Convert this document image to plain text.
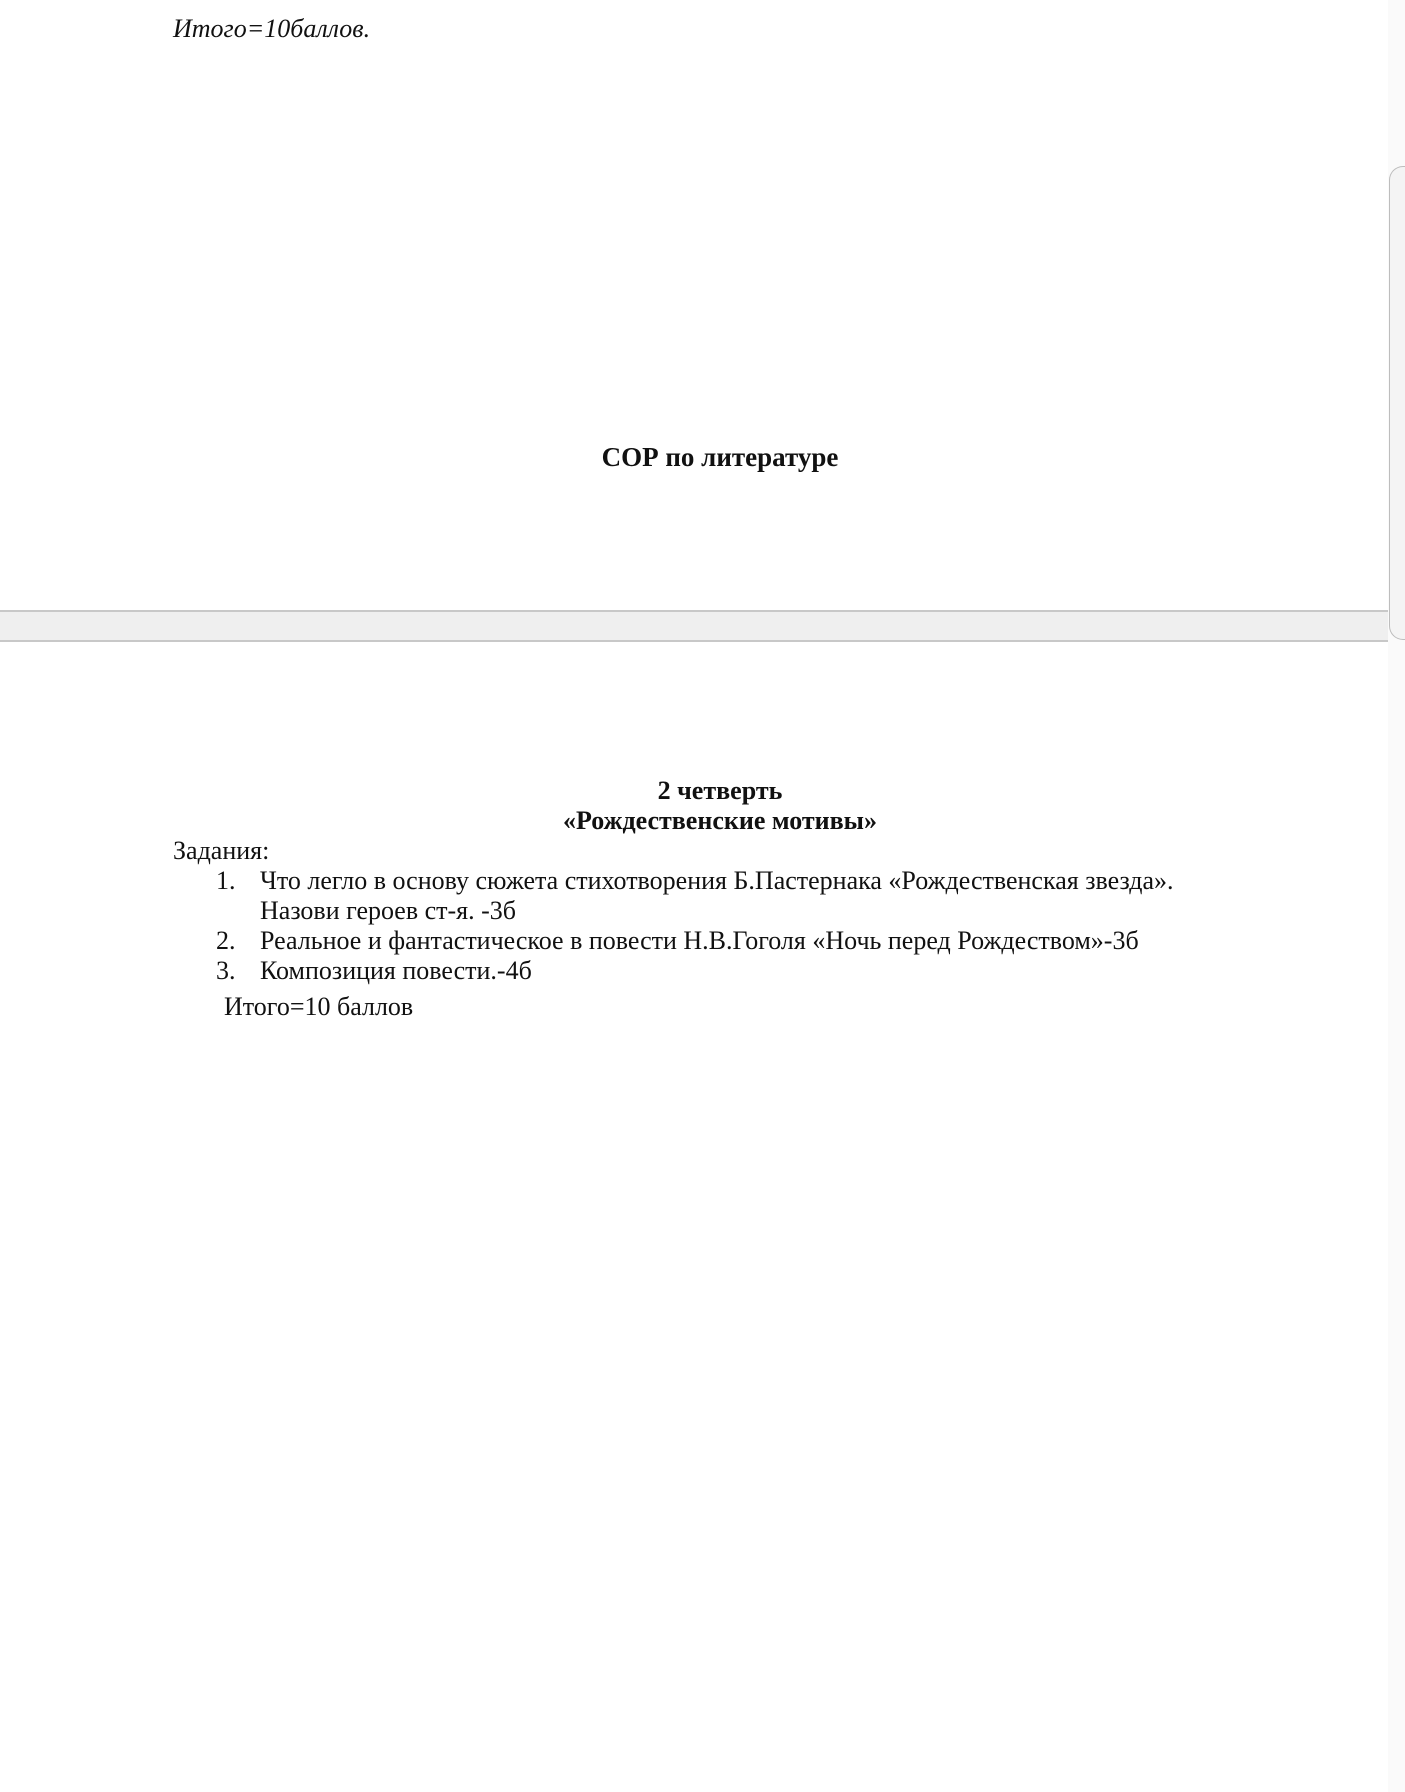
Итого=10баллов.
СОР по литературе
2 четверть
«Рождественские мотивы»
Задания:
1. Что легло в основу сюжета стихотворения Б.Пастернака «Рождественская звезда».
Назови героев ст-я. -3б
2. Реальное и фантастическое в повести Н.В.Гоголя «Ночь перед Рождеством»-3б
3. Композиция повести.-4б
Итого=10 баллов
